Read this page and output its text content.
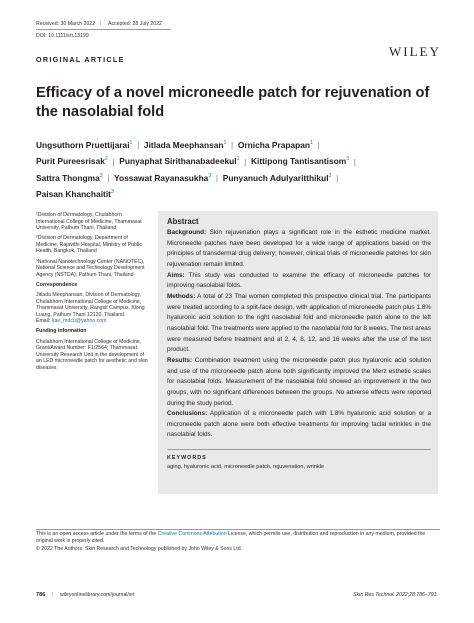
Received: 30 March 2022 | Accepted: 28 July 2022
DOI: 10.1111/srt.13199
WILEY
ORIGINAL ARTICLE
Efficacy of a novel microneedle patch for rejuvenation of the nasolabial fold
Ungsuthorn Pruettijarai$^1$  |  Jitlada Meephansan$^1$  |  Ornicha Prapapan$^1$  |
Purit Pureesrisak$^2$  |  Punyaphat Sirithanabadeekul$^1$  |  Kittipong Tantisantisom$^3$  |
Sattra Thongma$^3$  |  Yossawat Rayanasukha$^3$  |  Punyanuch Adulyaritthikul$^3$  |
Paisan Khanchaitit$^3$

¹Division of Dermatology, Chulabhorn International College of Medicine, Thammasat University, Pathum Thani, Thailand

²Division of Dermatology, Department of Medicine, Rajavithi Hospital, Ministry of Public Health, Bangkok, Thailand

³National Nanotechnology Center (NANOTEC), National Science and Technology Development Agency (NSTDA), Pathum Thani, Thailand

Correspondence

Jitlada Meephansan, Division of Dermatology, Chulabhorn International College of Medicine, Thammasat University, Rangsit Campus, Klong Luang, Pathum Thani 12120, Thailand.
Email: kae_mdcu@yahoo.com

Funding information

Chulabhorn International College of Medicine, Grant/Award Number: F1/2564; Thammasat University Research Unit in the development of an LED microneedle patch for aesthetic and skin diseases

Abstract
Background: Skin rejuvenation plays a significant role in the esthetic medicine market. Microneedle patches have been developed for a wide range of applications based on the principles of transdermal drug delivery; however, clinical trials of microneedle patches for skin rejuvenation remain limited.
Aims: This study was conducted to examine the efficacy of microneedle patches for improving nasolabial folds.
Methods: A total of 23 Thai women completed this prospective clinical trial. The participants were treated according to a split-face design, with application of microneedle patch plus 1.8% hyaluronic acid solution to the right nasolabial fold and microneedle patch alone to the left nasolabial fold. The treatments were applied to the nasolabial fold for 8 weeks. The test areas were measured before treatment and at 2, 4, 8, 12, and 16 weeks after the use of the test product.
Results: Combination treatment using the microneedle patch plus hyaluronic acid solution and use of the microneedle patch alone both significantly improved the Merz esthetic scales for nasolabial folds. Measurement of the nasolabial fold showed an improvement in the two groups, with no significant differences between the groups. No adverse effects were reported during the study period.
Conclusions: Application of a microneedle patch with 1.8% hyaluronic acid solution or a microneedle patch alone were both effective treatments for improving facial wrinkles in the nasolabial folds.
KEYWORDS
aging, hyaluronic acid, microneedle patch, rejuvenation, wrinkle
This is an open access article under the terms of the Creative Commons Attribution License, which permits use, distribution and reproduction in any medium, provided the original work is properly cited.
© 2022 The Authors. Skin Research and Technology published by John Wiley & Sons Ltd.
786 | wileyonlinelibrary.com/journal/srt	Skin Res Technol. 2022;28:786–791.
